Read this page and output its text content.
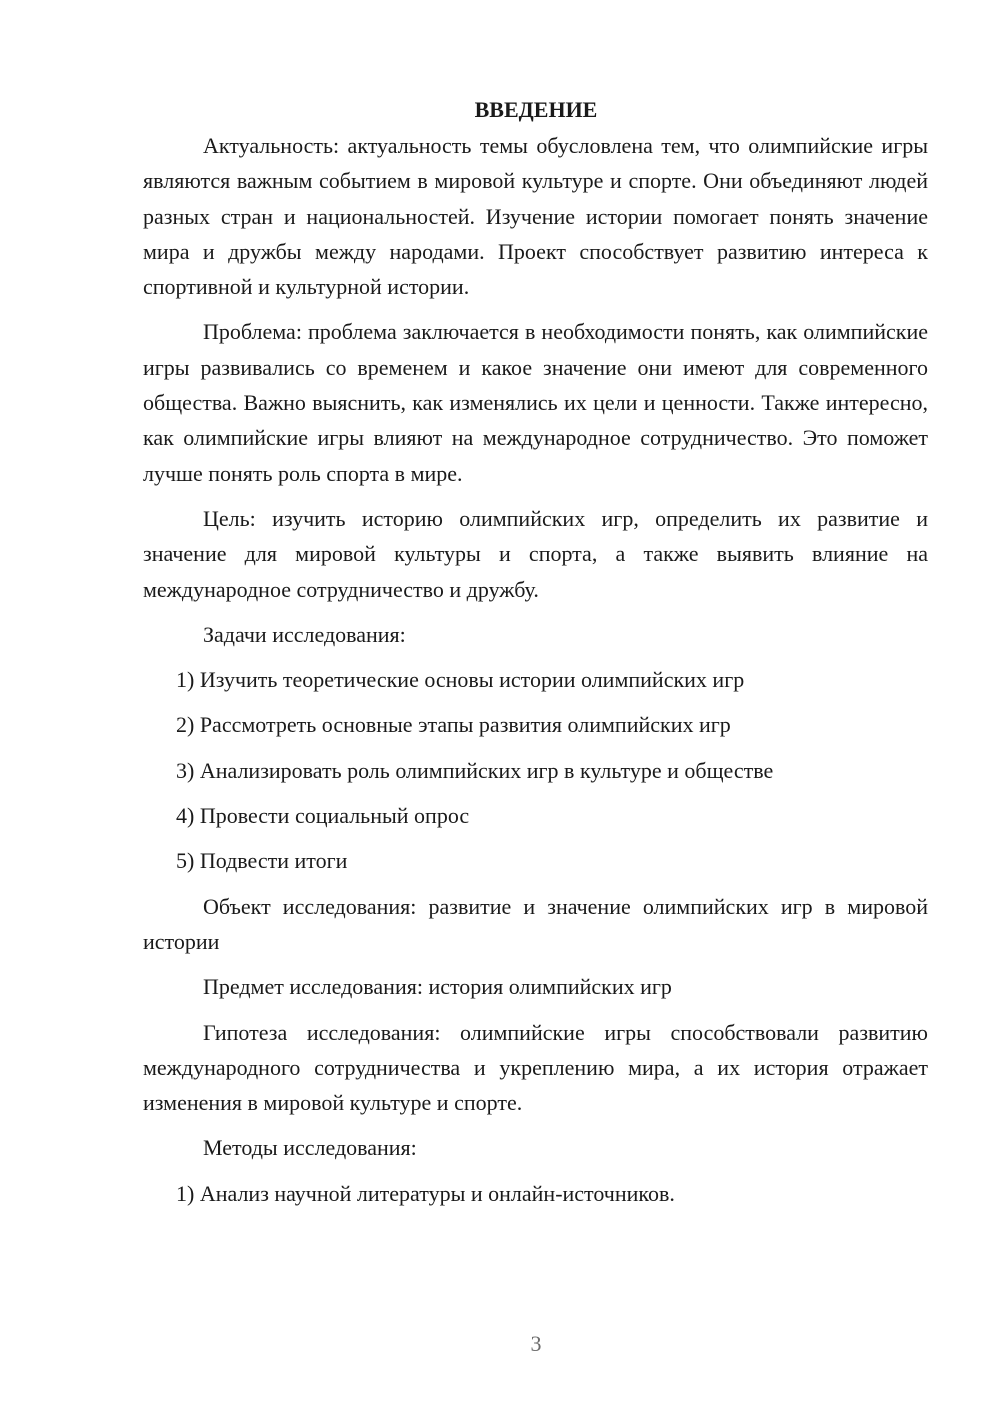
ВВЕДЕНИЕ

Актуальность: актуальность темы обусловлена тем, что олимпийские игры являются важным событием в мировой культуре и спорте. Они объединяют людей разных стран и национальностей. Изучение истории помогает понять значение мира и дружбы между народами. Проект способствует развитию интереса к спортивной и культурной истории.

Проблема: проблема заключается в необходимости понять, как олимпийские игры развивались со временем и какое значение они имеют для современного общества. Важно выяснить, как изменялись их цели и ценности. Также интересно, как олимпийские игры влияют на международное сотрудничество. Это поможет лучше понять роль спорта в мире.

Цель: изучить историю олимпийских игр, определить их развитие и значение для мировой культуры и спорта, а также выявить влияние на международное сотрудничество и дружбу.

Задачи исследования:

1) Изучить теоретические основы истории олимпийских игр

2) Рассмотреть основные этапы развития олимпийских игр

3) Анализировать роль олимпийских игр в культуре и обществе

4) Провести социальный опрос

5) Подвести итоги

Объект исследования: развитие и значение олимпийских игр в мировой истории

Предмет исследования: история олимпийских игр

Гипотеза исследования: олимпийские игры способствовали развитию международного сотрудничества и укреплению мира, а их история отражает изменения в мировой культуре и спорте.

Методы исследования:

1) Анализ научной литературы и онлайн-источников.

3
